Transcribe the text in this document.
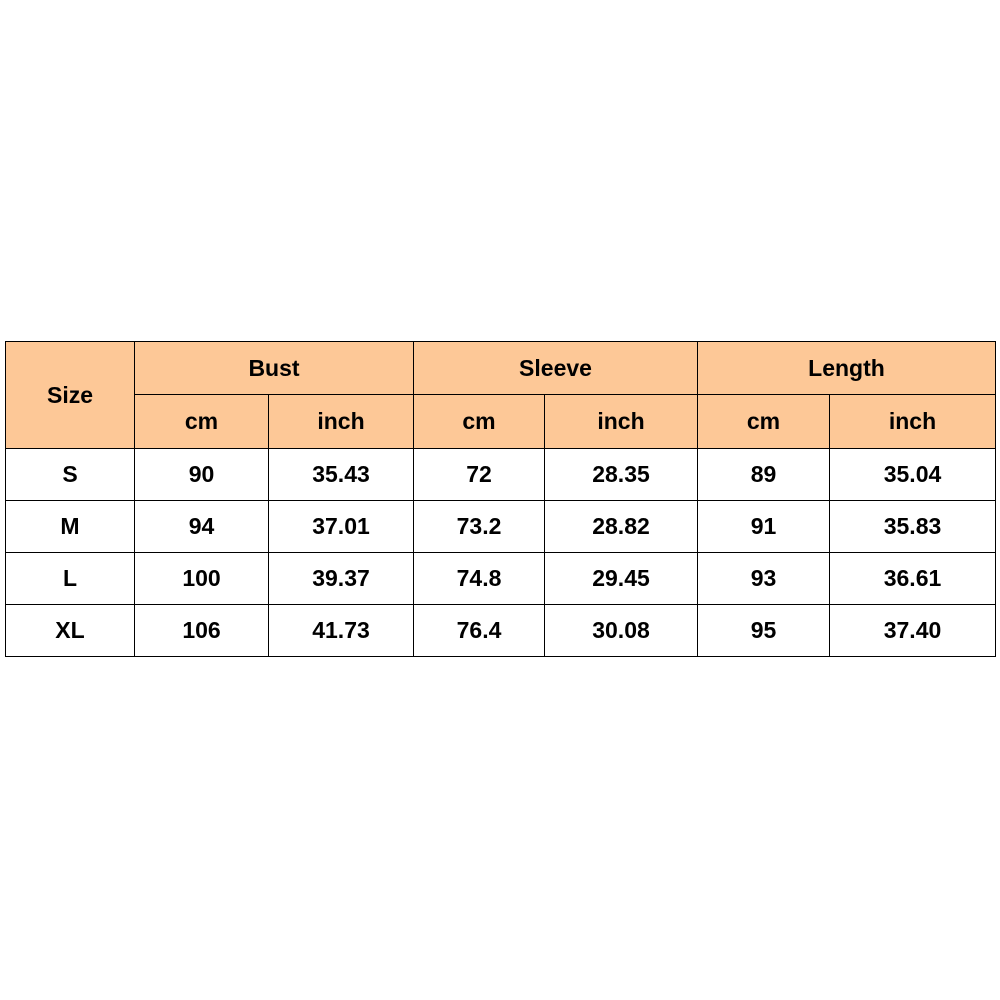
Size	Bust		Sleeve		Length	
	cm	inch	cm	inch	cm	inch
S	90	35.43	72	28.35	89	35.04
M	94	37.01	73.2	28.82	91	35.83
L	100	39.37	74.8	29.45	93	36.61
XL	106	41.73	76.4	30.08	95	37.40
